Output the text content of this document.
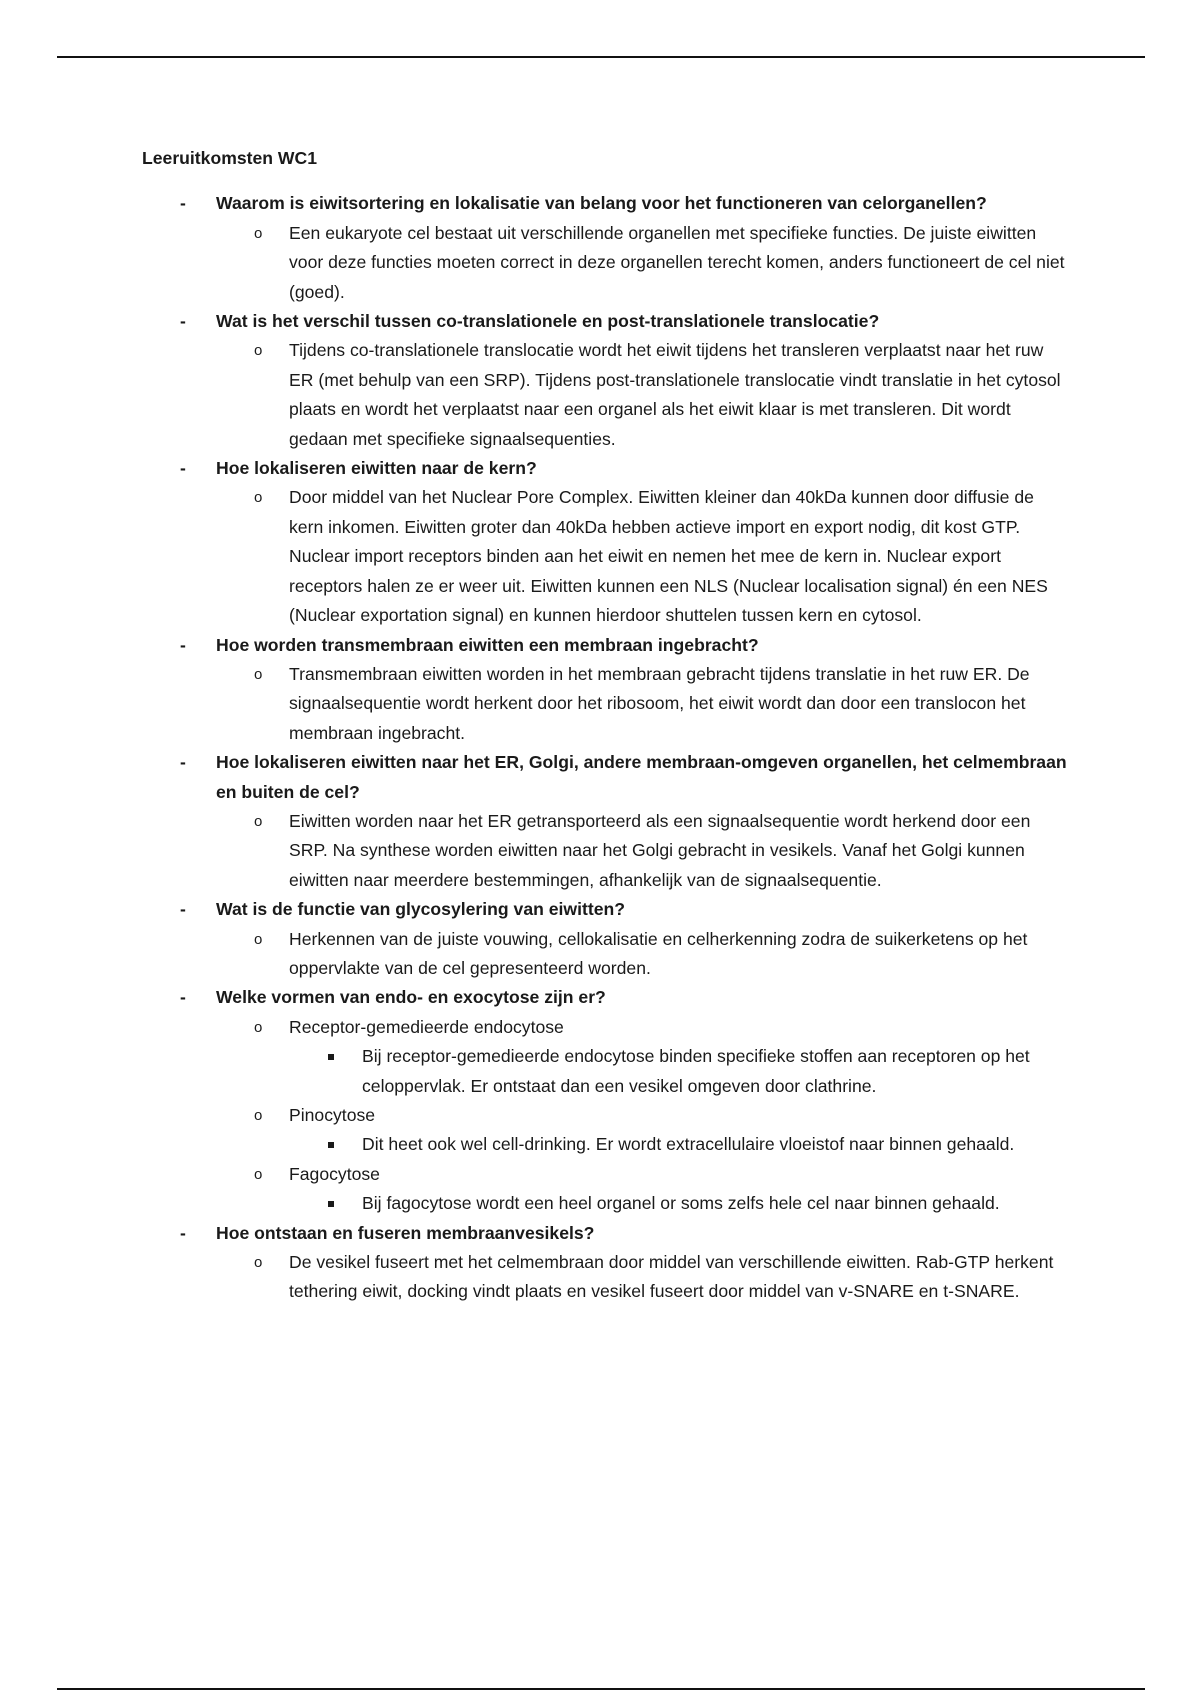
Leeruitkomsten WC1
- Waarom is eiwitsortering en lokalisatie van belang voor het functioneren van celorganellen?
o Een eukaryote cel bestaat uit verschillende organellen met specifieke functies. De juiste eiwitten voor deze functies moeten correct in deze organellen terecht komen, anders functioneert de cel niet (goed).
- Wat is het verschil tussen co-translationele en post-translationele translocatie?
o Tijdens co-translationele translocatie wordt het eiwit tijdens het transleren verplaatst naar het ruw ER (met behulp van een SRP). Tijdens post-translationele translocatie vindt translatie in het cytosol plaats en wordt het verplaatst naar een organel als het eiwit klaar is met transleren. Dit wordt gedaan met specifieke signaalsequenties.
- Hoe lokaliseren eiwitten naar de kern?
o Door middel van het Nuclear Pore Complex. Eiwitten kleiner dan 40kDa kunnen door diffusie de kern inkomen. Eiwitten groter dan 40kDa hebben actieve import en export nodig, dit kost GTP. Nuclear import receptors binden aan het eiwit en nemen het mee de kern in. Nuclear export receptors halen ze er weer uit. Eiwitten kunnen een NLS (Nuclear localisation signal) én een NES (Nuclear exportation signal) en kunnen hierdoor shuttelen tussen kern en cytosol.
- Hoe worden transmembraan eiwitten een membraan ingebracht?
o Transmembraan eiwitten worden in het membraan gebracht tijdens translatie in het ruw ER. De signaalsequentie wordt herkent door het ribosoom, het eiwit wordt dan door een translocon het membraan ingebracht.
- Hoe lokaliseren eiwitten naar het ER, Golgi, andere membraan-omgeven organellen, het celmembraan en buiten de cel?
o Eiwitten worden naar het ER getransporteerd als een signaalsequentie wordt herkend door een SRP. Na synthese worden eiwitten naar het Golgi gebracht in vesikels. Vanaf het Golgi kunnen eiwitten naar meerdere bestemmingen, afhankelijk van de signaalsequentie.
- Wat is de functie van glycosylering van eiwitten?
o Herkennen van de juiste vouwing, cellokalisatie en celherkenning zodra de suikerketens op het oppervlakte van de cel gepresenteerd worden.
- Welke vormen van endo- en exocytose zijn er?
o Receptor-gemedieerde endocytose
Bij receptor-gemedieerde endocytose binden specifieke stoffen aan receptoren op het celoppervlak. Er ontstaat dan een vesikel omgeven door clathrine.
o Pinocytose
Dit heet ook wel cell-drinking. Er wordt extracellulaire vloeistof naar binnen gehaald.
o Fagocytose
Bij fagocytose wordt een heel organel or soms zelfs hele cel naar binnen gehaald.
- Hoe ontstaan en fuseren membraanvesikels?
o De vesikel fuseert met het celmembraan door middel van verschillende eiwitten. Rab-GTP herkent tethering eiwit, docking vindt plaats en vesikel fuseert door middel van v-SNARE en t-SNARE.
